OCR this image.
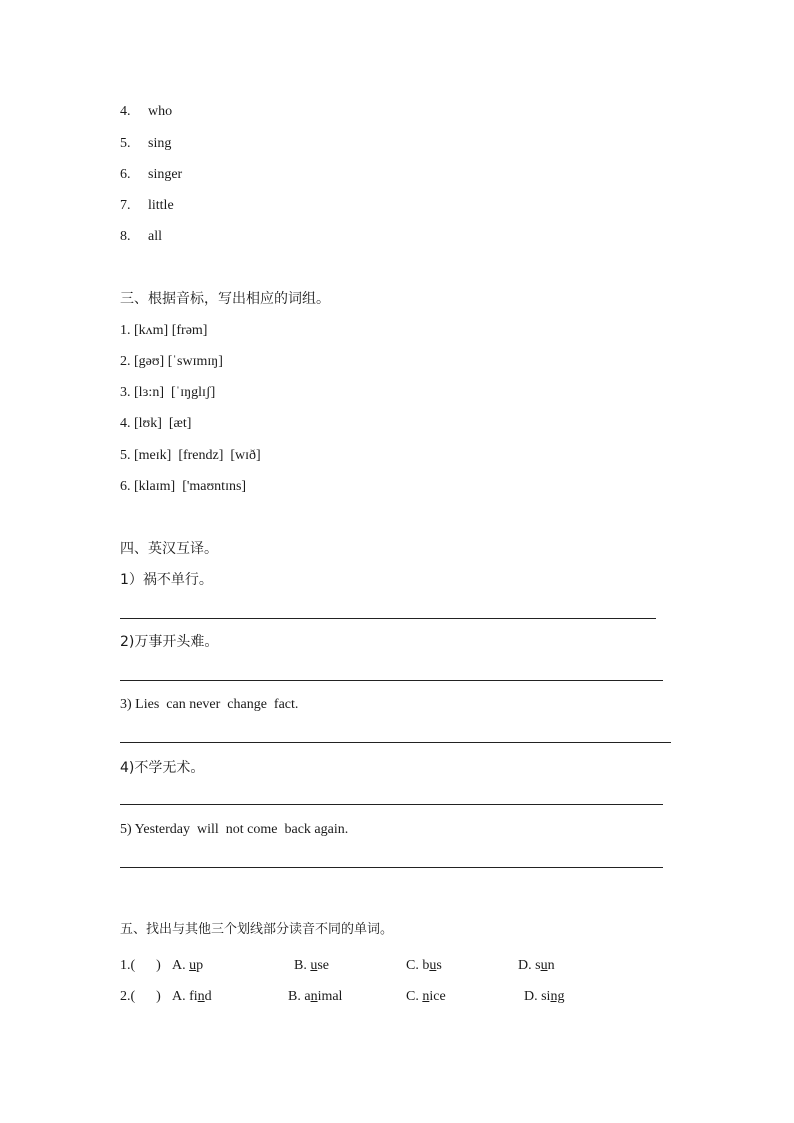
4. who
5. sing
6. singer
7. little
8. all
三、根据音标，写出相应的词组。
1. [kʌm] [frəm]
2. [gəʊ] [ˈswɪmɪŋ]
3. [lɜ:n]  [ˈɪŋglɪʃ]
4. [lʊk]  [æt]
5. [meɪk]  [frendz]  [wɪð]
6. [klaɪm]  ['maʊntɪns]
四、英汉互译。
1）祸不单行。
2)万事开头难。
3) Lies  can never  change  fact.
4)不学无术。
5) Yesterday  will  not come  back again.
五、找出与其他三个划线部分读音不同的单词。
1.(      ) A. up	B. use	C. bus	D. sun
2.(      ) A. find	B. animal	C. nice	D. sing
